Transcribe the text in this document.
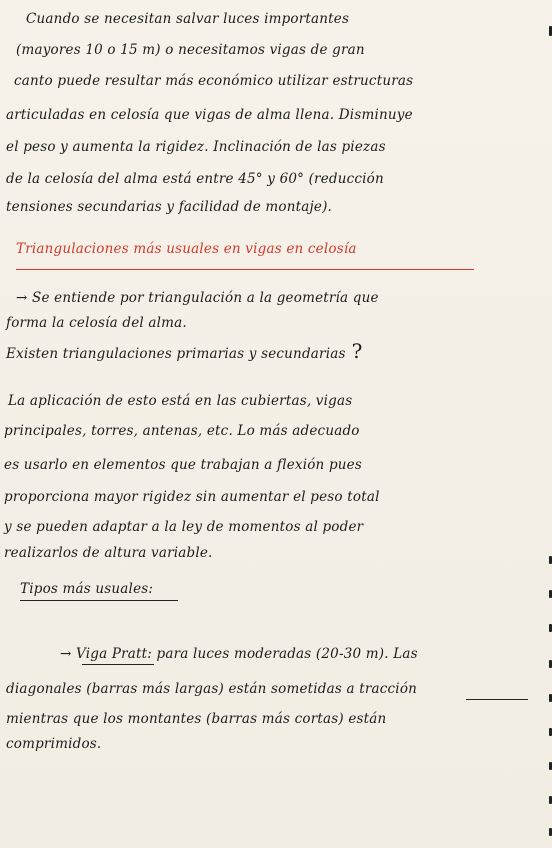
Cuando se necesitan salvar luces importantes
(mayores 10 o 15 m) o necesitamos vigas de gran
canto puede resultar más económico utilizar estructuras
articuladas en celosía que vigas de alma llena. Disminuye
el peso y aumenta la rigidez. Inclinación de las piezas
de la celosía del alma está entre 45° y 60° (reducción
tensiones secundarias y facilidad de montaje).
Triangulaciones más usuales en vigas en celosía
→ Se entiende por triangulación a la geometría que
forma la celosía del alma.
Existen triangulaciones primarias y secundarias ?
La aplicación de esto está en las cubiertas, vigas
principales, torres, antenas, etc. Lo más adecuado
es usarlo en elementos que trabajan a flexión pues
proporciona mayor rigidez sin aumentar el peso total
y se pueden adaptar a la ley de momentos al poder
realizarlos de altura variable.
Tipos más usuales:
→ Viga Pratt: para luces moderadas (20-30 m). Las
diagonales (barras más largas) están sometidas a tracción
mientras que los montantes (barras más cortas) están
comprimidos.
